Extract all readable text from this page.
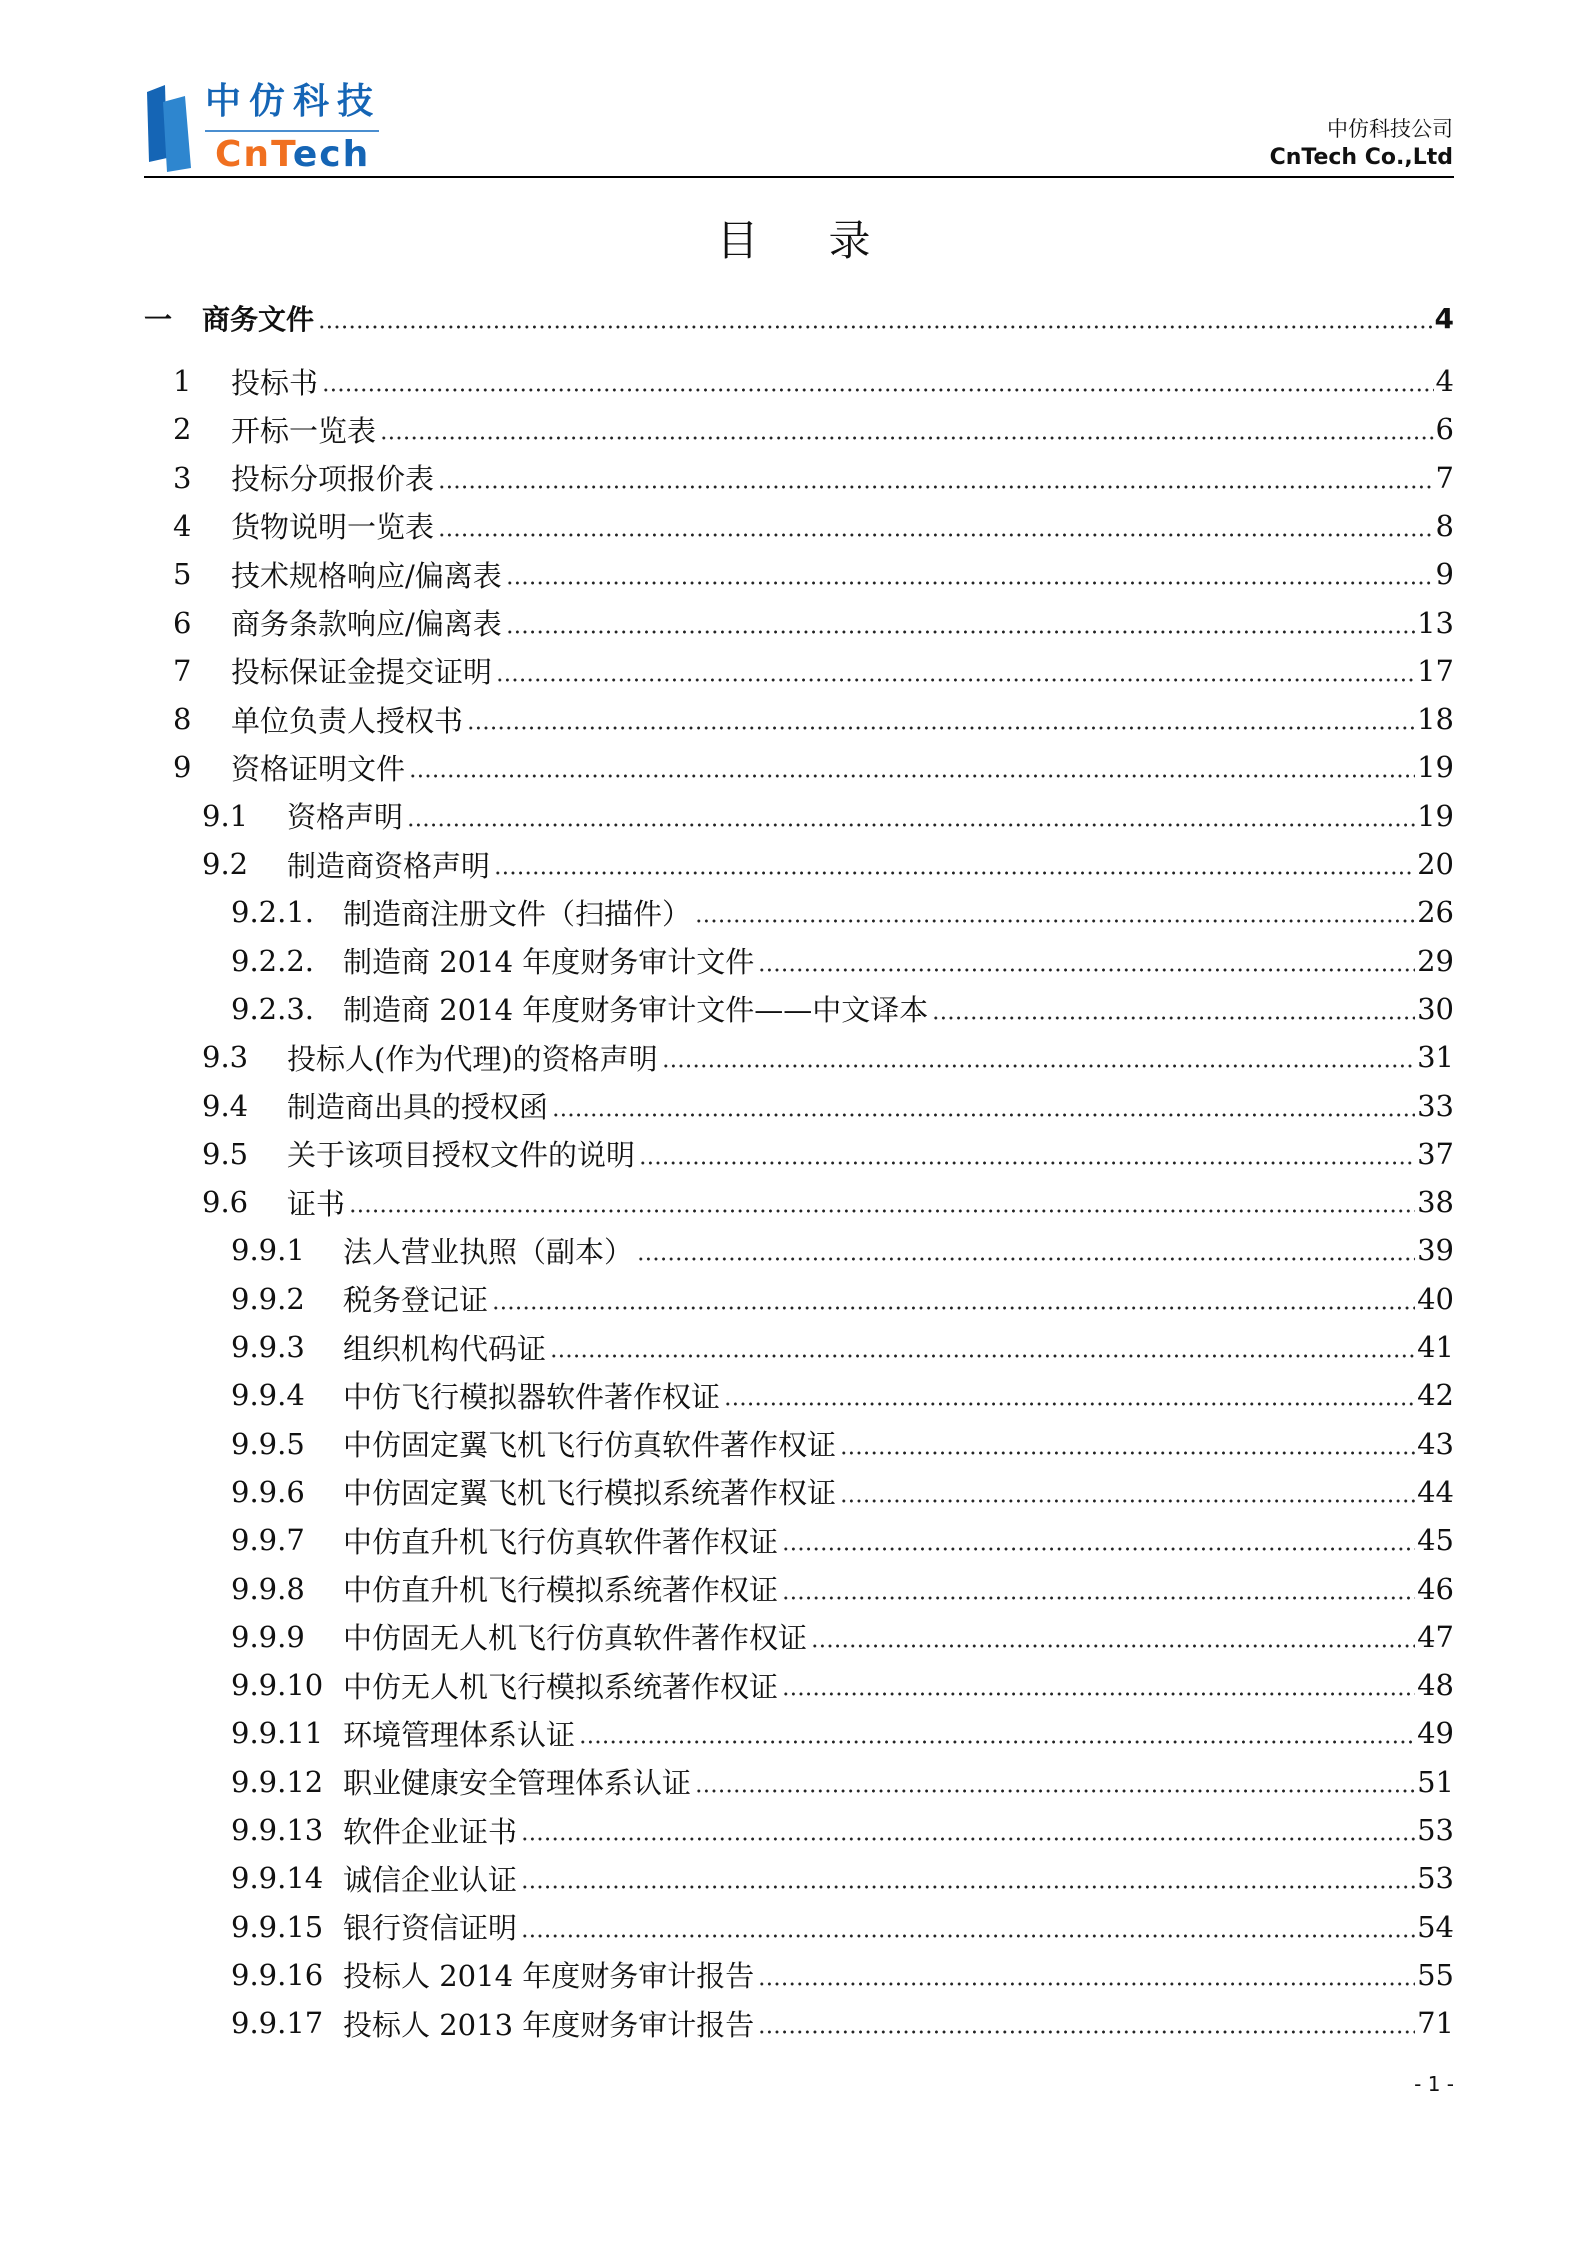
中仿科技
CnTech
中仿科技公司
CnTech Co.,Ltd
目录
一 商务文件	4
1 投标书	4
2 开标一览表	6
3 投标分项报价表	7
4 货物说明一览表	8
5 技术规格响应/偏离表	9
6 商务条款响应/偏离表	13
7 投标保证金提交证明	17
8 单位负责人授权书	18
9 资格证明文件	19
9.1 资格声明	19
9.2 制造商资格声明	20
9.2.1. 制造商注册文件（扫描件）	26
9.2.2. 制造商 2014 年度财务审计文件	29
9.2.3. 制造商 2014 年度财务审计文件——中文译本	30
9.3 投标人(作为代理)的资格声明	31
9.4 制造商出具的授权函	33
9.5 关于该项目授权文件的说明	37
9.6 证书	38
9.9.1 法人营业执照（副本）	39
9.9.2 税务登记证	40
9.9.3 组织机构代码证	41
9.9.4 中仿飞行模拟器软件著作权证	42
9.9.5 中仿固定翼飞机飞行仿真软件著作权证	43
9.9.6 中仿固定翼飞机飞行模拟系统著作权证	44
9.9.7 中仿直升机飞行仿真软件著作权证	45
9.9.8 中仿直升机飞行模拟系统著作权证	46
9.9.9 中仿固无人机飞行仿真软件著作权证	47
9.9.10 中仿无人机飞行模拟系统著作权证	48
9.9.11 环境管理体系认证	49
9.9.12 职业健康安全管理体系认证	51
9.9.13 软件企业证书	53
9.9.14 诚信企业认证	53
9.9.15 银行资信证明	54
9.9.16 投标人 2014 年度财务审计报告	55
9.9.17 投标人 2013 年度财务审计报告	71
- 1 -
